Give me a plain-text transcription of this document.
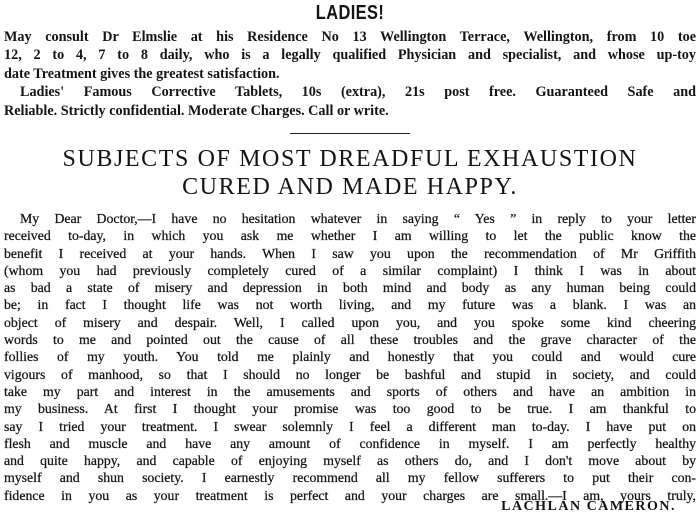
LADIES!
May consult Dr Elmslie at his Residence No 13 Wellington Terrace, Wellington, from 10 toe
12, 2 to 4, 7 to 8 daily, who is a legally qualified Physician and specialist, and whose up-toy
date Treatment gives the greatest satisfaction.
Ladies' Famous Corrective Tablets, 10s (extra), 21s post free. Guaranteed Safe and
Reliable. Strictly confidential. Moderate Charges. Call or write.
SUBJECTS OF MOST DREADFUL EXHAUSTION
CURED AND MADE HAPPY.
My Dear Doctor,—I have no hesitation whatever in saying “ Yes ” in reply to your letter
received to-day, in which you ask me whether I am willing to let the public know the
benefit I received at your hands. When I saw you upon the recommendation of Mr Griffith
(whom you had previously completely cured of a similar complaint) I think I was in about
as bad a state of misery and depression in both mind and body as any human being could
be; in fact I thought life was not worth living, and my future was a blank. I was an
object of misery and despair. Well, I called upon you, and you spoke some kind cheering
words to me and pointed out the cause of all these troubles and the grave character of the
follies of my youth. You told me plainly and honestly that you could and would cure
vigours of manhood, so that I should no longer be bashful and stupid in society, and could
take my part and interest in the amusements and sports of others and have an ambition in
my business. At first I thought your promise was too good to be true. I am thankful to
say I tried your treatment. I swear solemnly I feel a different man to-day. I have put on
flesh and muscle and have any amount of confidence in myself. I am perfectly healthy
and quite happy, and capable of enjoying myself as others do, and I don't move about by
myself and shun society. I earnestly recommend all my fellow sufferers to put their con-
fidence in you as your treatment is perfect and your charges are small.—I am, yours truly,
LACHLAN CAMERON.
